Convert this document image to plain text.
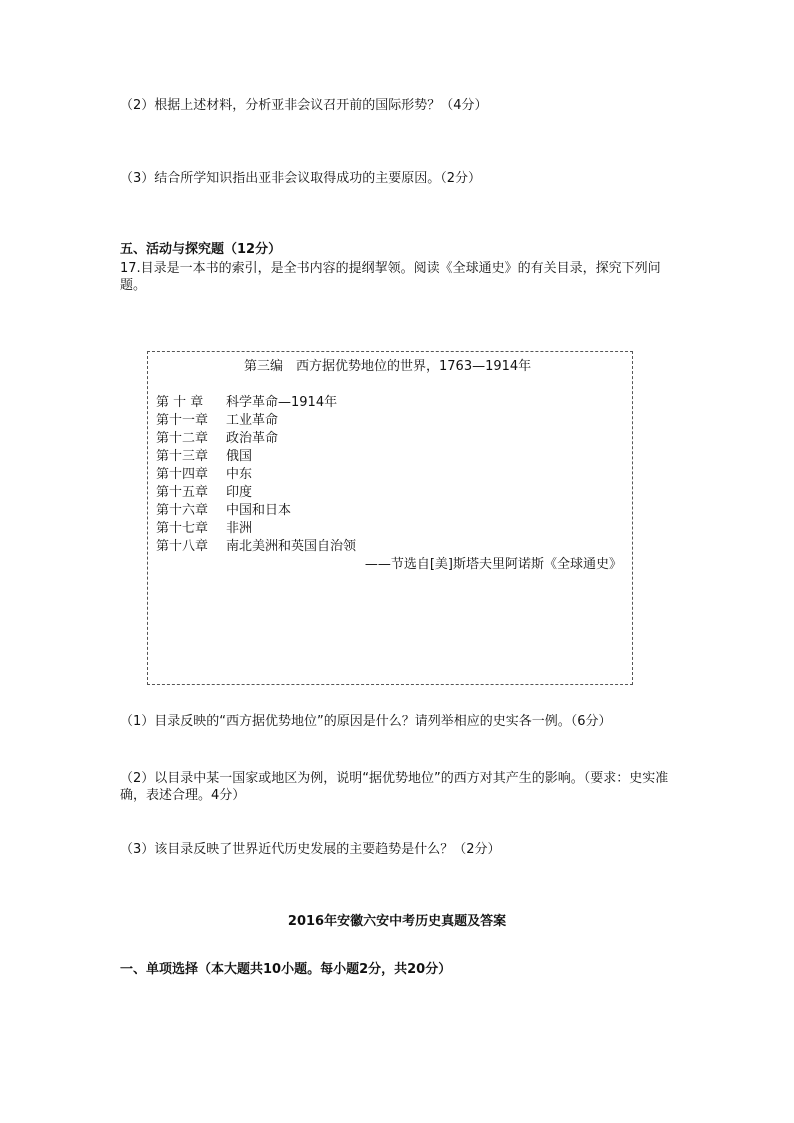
（2）根据上述材料，分析亚非会议召开前的国际形势？（4分）
（3）结合所学知识指出亚非会议取得成功的主要原因。（2分）
五、活动与探究题（12分）
17.目录是一本书的索引，是全书内容的提纲挈领。阅读《全球通史》的有关目录，探究下列问题。
第三编　西方据优势地位的世界，1763—1914年
第 十 章	科学革命—1914年
第十一章	工业革命
第十二章	政治革命
第十三章	俄国
第十四章	中东
第十五章	印度
第十六章	中国和日本
第十七章	非洲
第十八章	南北美洲和英国自治领
——节选自[美]斯塔夫里阿诺斯《全球通史》
（1）目录反映的“西方据优势地位”的原因是什么？请列举相应的史实各一例。（6分）
（2）以目录中某一国家或地区为例，说明“据优势地位”的西方对其产生的影响。（要求：史实准确，表述合理。4分）
（3）该目录反映了世界近代历史发展的主要趋势是什么？（2分）
2016年安徽六安中考历史真题及答案
一、单项选择（本大题共10小题。每小题2分，共20分）
